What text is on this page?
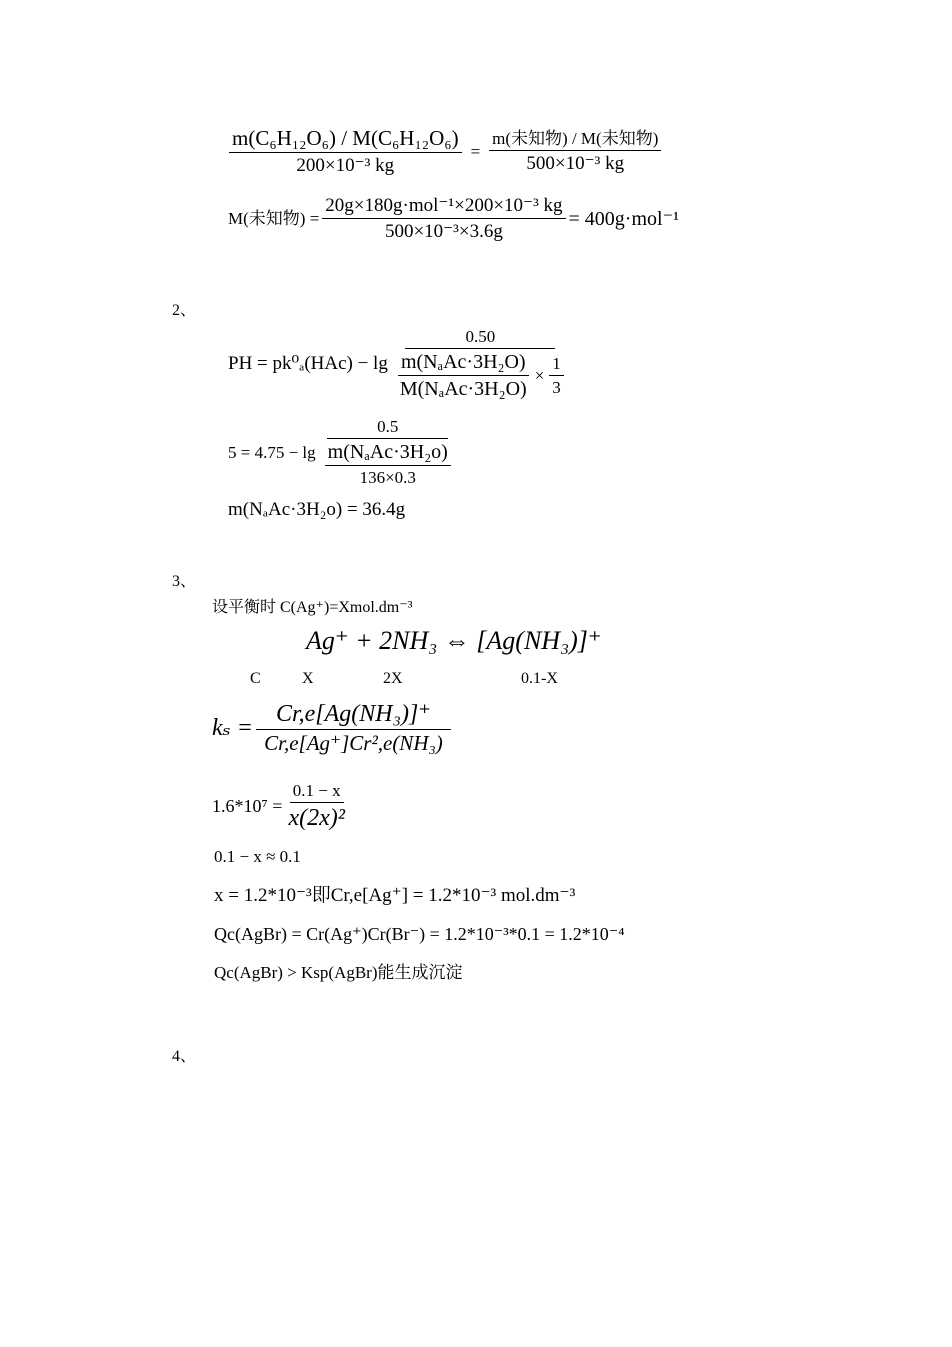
$\frac{\text{m(C₆H₁₂O₆) / M(C₆H₁₂O₆)}}{\text{200×10⁻³ kg}} = \frac{\text{m(未知物) / M(未知物)}}{\text{500×10⁻³ kg}}$
M(未知物) = $\frac{\text{20g×180g·mol⁻¹×200×10⁻³ kg}}{\text{500×10⁻³×3.6g}} = 400g\cdot mol^{-1}$
2、
PH = pk⁰ₐ(HAc) − lg
0.50
$\frac{\text{m(NₐAc·3H₂O)}}{\text{M(NₐAc·3H₂O)}} \times \frac{1}{3}$
$5 = 4.75 - \lg \frac{0.5}{\frac{\text{m(NₐAc·3H₂o)}}{136\times 0.3}}$
m(NₐAc·3H₂o) = 36.4g
3、
设平衡时 C(Ag⁺)=Xmol.dm⁻³
Ag⁺ + 2NH₃ ⇔ [Ag(NH₃)]⁺
C	X	2X	0.1-X
$k_s = \frac{\text{Cr,e[Ag(NH₃)]⁺}}{\text{Cr,e[Ag⁺]Cr²,e(NH₃)}}$
$1.6*10^7 = \frac{0.1 - x}{\text{x(2x)²}}$
0.1 − x ≈ 0.1
x = 1.2*10⁻³即Cr,e[Ag⁺] = 1.2*10⁻³ mol.dm⁻³
Qc(AgBr) = Cr(Ag⁺)Cr(Br⁻) = 1.2*10⁻³*0.1 = 1.2*10⁻⁴
Qc(AgBr) > Ksp(AgBr)能生成沉淀
4、
